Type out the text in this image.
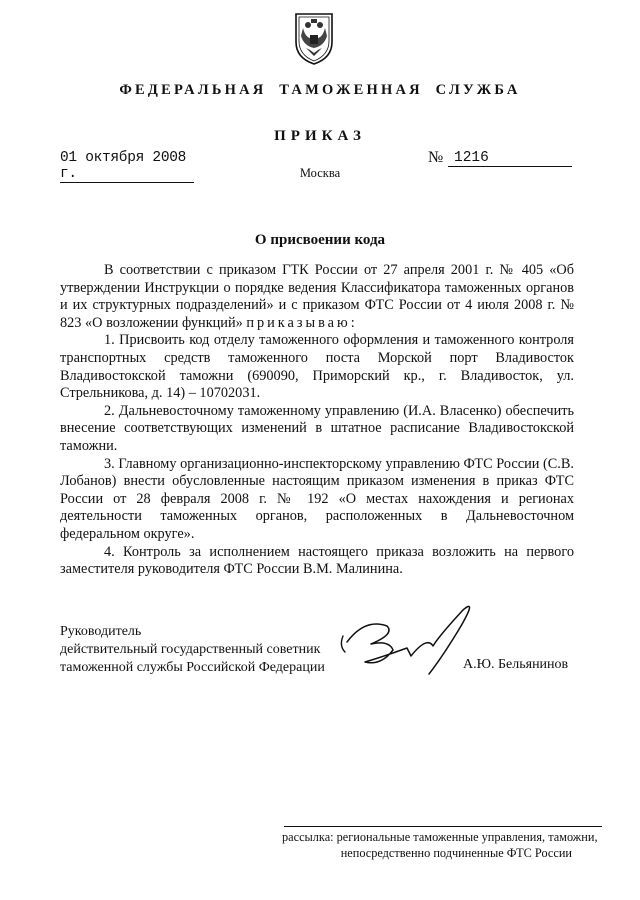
ФЕДЕРАЛЬНАЯ ТАМОЖЕННАЯ СЛУЖБА
ПРИКАЗ
01 октября 2008 г.
№ 1216
Москва
О присвоении кода

В соответствии с приказом ГТК России от 27 апреля 2001 г. № 405 «Об утверждении Инструкции о порядке ведения Классификатора таможенных органов и их структурных подразделений» и с приказом ФТС России от 4 июля 2008 г. № 823 «О возложении функций» приказываю:

1. Присвоить код отделу таможенного оформления и таможенного контроля транспортных средств таможенного поста Морской порт Владивосток Владивостокской таможни (690090, Приморский кр., г. Владивосток, ул. Стрельникова, д. 14) – 10702031.

2. Дальневосточному таможенному управлению (И.А. Власенко) обеспечить внесение соответствующих изменений в штатное расписание Владивостокской таможни.

3. Главному организационно-инспекторскому управлению ФТС России (С.В. Лобанов) внести обусловленные настоящим приказом изменения в приказ ФТС России от 28 февраля 2008 г. № 192 «О местах нахождения и регионах деятельности таможенных органов, расположенных в Дальневосточном федеральном округе».

4. Контроль за исполнением настоящего приказа возложить на первого заместителя руководителя ФТС России В.М. Малинина.

Руководитель
действительный государственный советник
таможенной службы Российской Федерации	А.Ю. Бельянинов
рассылка: региональные таможенные управления, таможни,
непосредственно подчиненные ФТС России
